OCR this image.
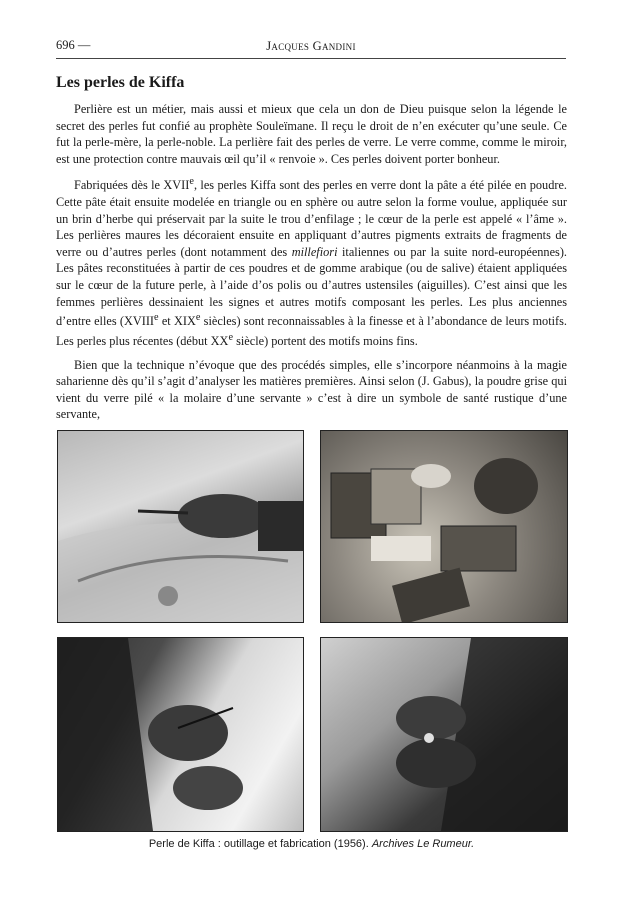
696 —	Jacques Gandini
Les perles de Kiffa

Perlière est un métier, mais aussi et mieux que cela un don de Dieu puisque selon la légende le secret des perles fut confié au prophète Souleïmane. Il reçu le droit de n’en exécuter qu’une seule. Ce fut la perle-mère, la perle-noble. La perlière fait des perles de verre. Le verre comme, comme le miroir, est une protection contre mauvais œil qu’il « renvoie ». Ces perles doivent porter bonheur.

Fabriquées dès le XVIIe, les perles Kiffa sont des perles en verre dont la pâte a été pilée en poudre. Cette pâte était ensuite modelée en triangle ou en sphère ou autre selon la forme voulue, appliquée sur un brin d’herbe qui préservait par la suite le trou d’enfilage ; le cœur de la perle est appelé « l’âme ». Les perlières maures les décoraient ensuite en appliquant d’autres pigments extraits de fragments de verre ou d’autres perles (dont notamment des millefiori italiennes ou par la suite nord-européennes). Les pâtes reconstituées à partir de ces poudres et de gomme arabique (ou de salive) étaient appliquées sur le cœur de la future perle, à l’aide d’os polis ou d’autres ustensiles (aiguilles). C’est ainsi que les femmes perlières dessinaient les signes et autres motifs composant les perles. Les plus anciennes d’entre elles (XVIIIe et XIXe siècles) sont reconnaissables à la finesse et à l’abondance de leurs motifs. Les perles plus récentes (début XXe siècle) portent des motifs moins fins.

Bien que la technique n’évoque que des procédés simples, elle s’incorpore néanmoins à la magie saharienne dès qu’il s’agit d’analyser les matières premières. Ainsi selon (J. Gabus), la poudre grise qui vient du verre pilé « la molaire d’une servante » c’est à dire un symbole de santé rustique d’une servante,

Perle de Kiffa : outillage et fabrication (1956). Archives Le Rumeur.
